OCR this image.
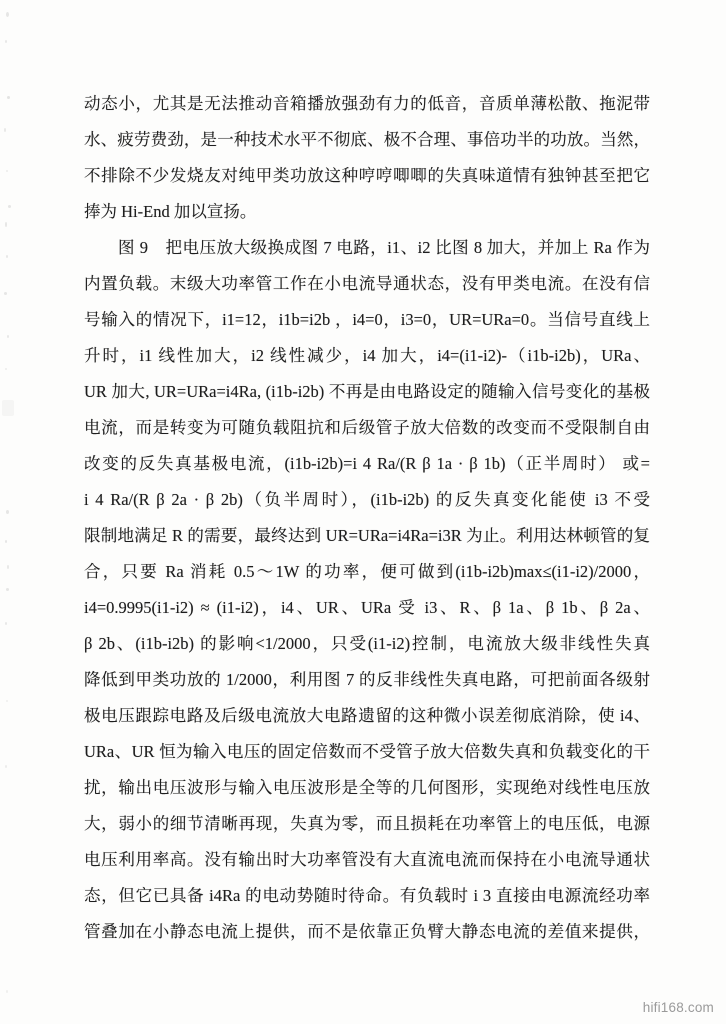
动态小，尤其是无法推动音箱播放强劲有力的低音，音质单薄松散、拖泥带
水、疲劳费劲，是一种技术水平不彻底、极不合理、事倍功半的功放。当然，
不排除不少发烧友对纯甲类功放这种哼哼唧唧的失真味道情有独钟甚至把它
捧为 Hi-End 加以宣扬。
　　图 9　把电压放大级换成图 7 电路，i1、i2 比图 8 加大，并加上 Ra 作为
内置负载。末级大功率管工作在小电流导通状态，没有甲类电流。在没有信
号输入的情况下，i1=12，i1b=i2b ，i4=0，i3=0，UR=URa=0。当信号直线上
升时，i1 线性加大，i2 线性减少，i4 加大，i4=(i1-i2)-（i1b-i2b)，URa、
UR 加大, UR=URa=i4Ra, (i1b-i2b) 不再是由电路设定的随输入信号变化的基极
电流，而是转变为可随负载阻抗和后级管子放大倍数的改变而不受限制自由
改变的反失真基极电流，(i1b-i2b)=i 4 Ra/(R β 1a · β 1b)（正半周时） 或=
i 4 Ra/(R β 2a · β 2b)（负半周时），(i1b-i2b) 的反失真变化能使 i3 不受
限制地满足 R 的需要，最终达到 UR=URa=i4Ra=i3R 为止。利用达林顿管的复
合，只要 Ra 消耗 0.5～1W 的功率，便可做到(i1b-i2b)max≤(i1-i2)/2000，
i4=0.9995(i1-i2) ≈ (i1-i2)，i4、UR、URa 受 i3、R、β 1a、β 1b、β 2a、
β 2b、(i1b-i2b) 的影响<1/2000，只受(i1-i2)控制，电流放大级非线性失真
降低到甲类功放的 1/2000，利用图 7 的反非线性失真电路，可把前面各级射
极电压跟踪电路及后级电流放大电路遗留的这种微小误差彻底消除，使 i4、
URa、UR 恒为输入电压的固定倍数而不受管子放大倍数失真和负载变化的干
扰，输出电压波形与输入电压波形是全等的几何图形，实现绝对线性电压放
大，弱小的细节清晰再现，失真为零，而且损耗在功率管上的电压低，电源
电压利用率高。没有输出时大功率管没有大直流电流而保持在小电流导通状
态，但它已具备 i4Ra 的电动势随时待命。有负载时 i 3 直接由电源流经功率
管叠加在小静态电流上提供，而不是依靠正负臂大静态电流的差值来提供，
hifi168.com
